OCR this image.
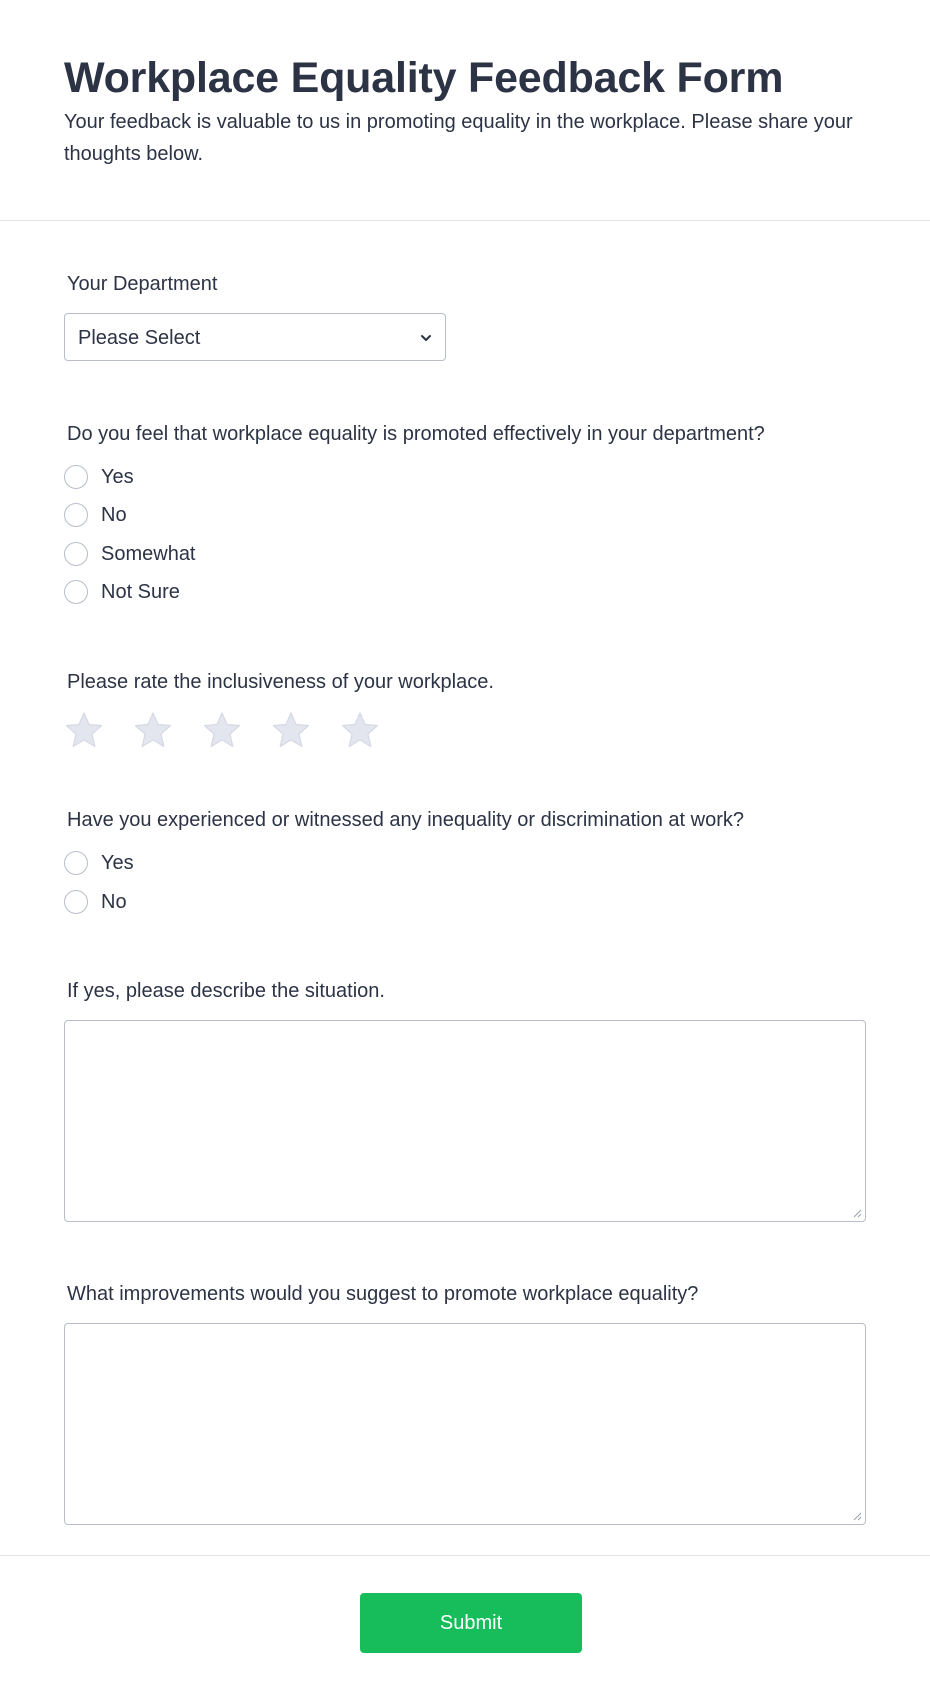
Workplace Equality Feedback Form

Your feedback is valuable to us in promoting equality in the workplace. Please share your thoughts below.

Your Department
Please Select
Do you feel that workplace equality is promoted effectively in your department?
Yes
No
Somewhat
Not Sure
Please rate the inclusiveness of your workplace.
Have you experienced or witnessed any inequality or discrimination at work?
Yes
No
If yes, please describe the situation.
What improvements would you suggest to promote workplace equality?
Submit
